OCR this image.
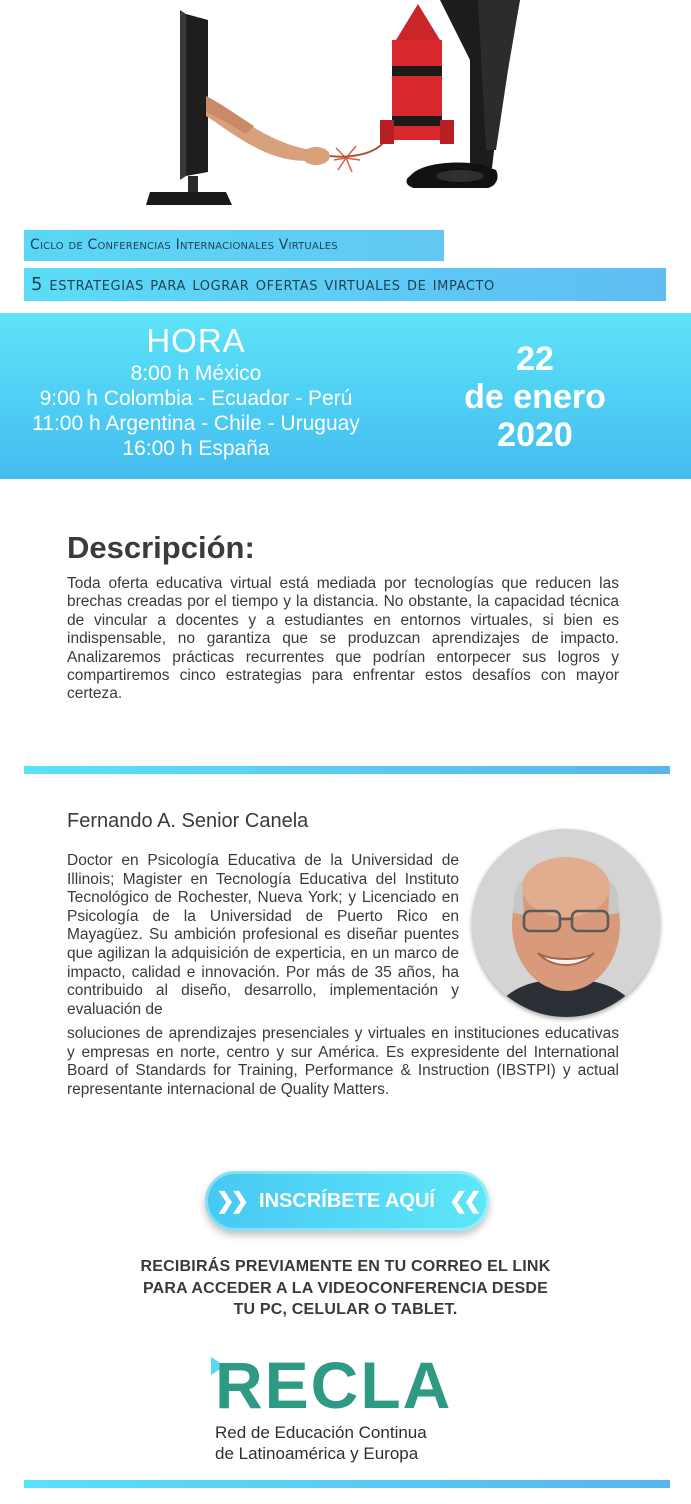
Ciclo de Conferencias Internacionales Virtuales
5 estrategias para lograr ofertas virtuales de impacto
HORA
8:00 h México
9:00 h Colombia - Ecuador - Perú
11:00 h Argentina - Chile - Uruguay
16:00 h España
22
de enero
2020
Descripción:
Toda oferta educativa virtual está mediada por tecnologías que reducen las brechas creadas por el tiempo y la distancia. No obstante, la capacidad técnica de vincular a docentes y a estudiantes en entornos virtuales, si bien es indispensable, no garantiza que se produzcan aprendizajes de impacto. Analizaremos prácticas recurrentes que podrían entorpecer sus logros y compartiremos cinco estrategias para enfrentar estos desafíos con mayor certeza.
Fernando A. Senior Canela
Doctor en Psicología Educativa de la Universidad de Illinois; Magister en Tecnología Educativa del Instituto Tecnológico de Rochester, Nueva York; y Licenciado en Psicología de la Universidad de Puerto Rico en Mayagüez. Su ambición profesional es diseñar puentes que agilizan la adquisición de experticia, en un marco de impacto, calidad e innovación. Por más de 35 años, ha contribuido al diseño, desarrollo, implementación y evaluación de
soluciones de aprendizajes presenciales y virtuales en instituciones educativas y empresas en norte, centro y sur América. Es expresidente del International Board of Standards for Training, Performance & Instruction (IBSTPI) y actual representante internacional de Quality Matters.
❯❯ INSCRÍBETE AQUÍ ❮❮
RECIBIRÁS PREVIAMENTE EN TU CORREO EL LINK
PARA ACCEDER A LA VIDEOCONFERENCIA DESDE
TU PC, CELULAR O TABLET.
RECLA
Red de Educación Continua
de Latinoamérica y Europa
